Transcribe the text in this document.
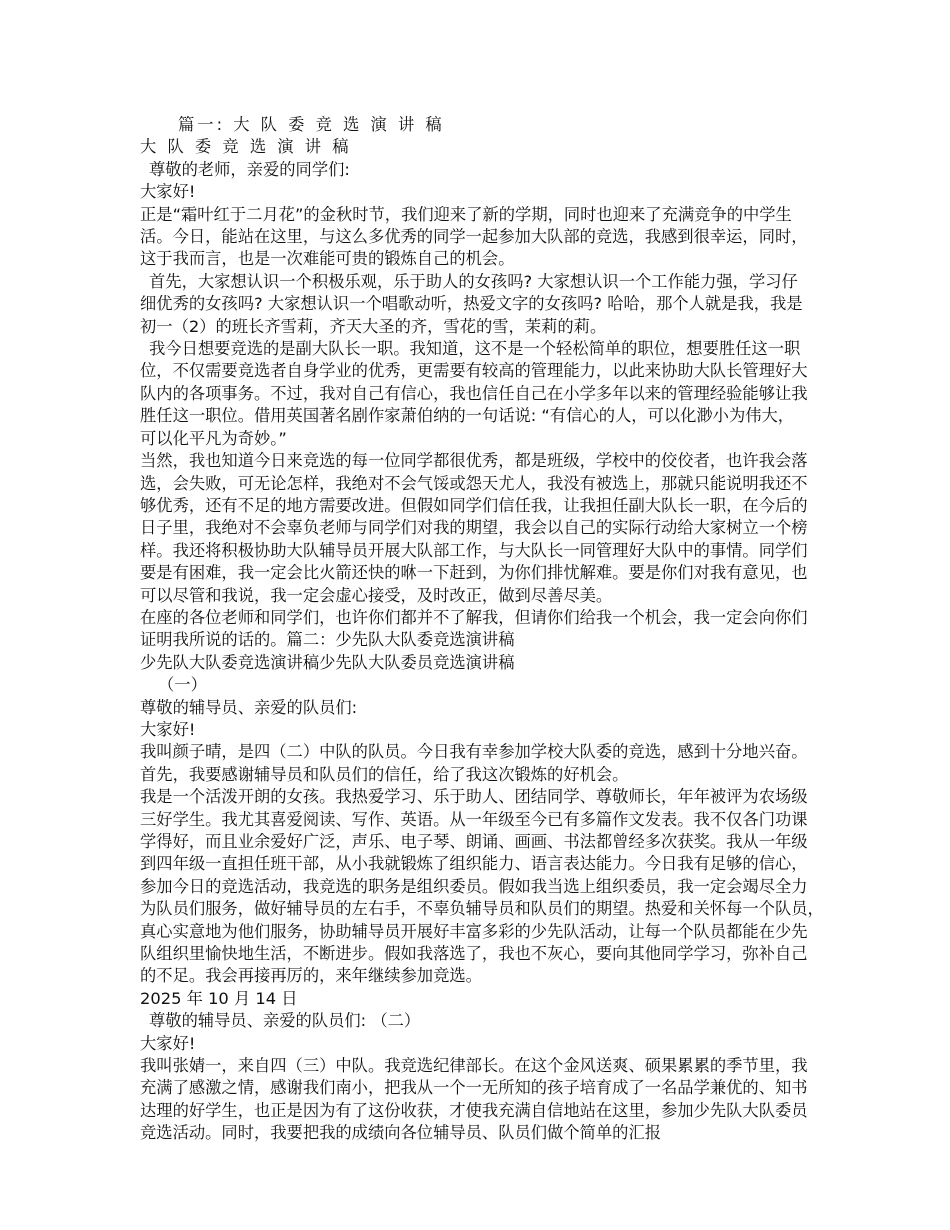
篇一: 大 队 委 竞 选 演 讲 稿
大 队 委 竞 选 演 讲 稿
尊敬的老师，亲爱的同学们:
大家好!
正是“霜叶红于二月花”的金秋时节，我们迎来了新的学期，同时也迎来了充满竞争的中学生
活。今日，能站在这里，与这么多优秀的同学一起参加大队部的竞选，我感到很幸运，同时，
这于我而言，也是一次难能可贵的锻炼自己的机会。
首先，大家想认识一个积极乐观，乐于助人的女孩吗? 大家想认识一个工作能力强，学习仔
细优秀的女孩吗? 大家想认识一个唱歌动听，热爱文字的女孩吗? 哈哈，那个人就是我，我是
初一（2）的班长齐雪莉，齐天大圣的齐，雪花的雪，茉莉的莉。
我今日想要竞选的是副大队长一职。我知道，这不是一个轻松简单的职位，想要胜任这一职
位，不仅需要竞选者自身学业的优秀，更需要有较高的管理能力，以此来协助大队长管理好大
队内的各项事务。不过，我对自己有信心，我也信任自己在小学多年以来的管理经验能够让我
胜任这一职位。借用英国著名剧作家萧伯纳的一句话说: “有信心的人，可以化渺小为伟大，
可以化平凡为奇妙。”
当然，我也知道今日来竞选的每一位同学都很优秀，都是班级，学校中的佼佼者，也许我会落
选，会失败，可无论怎样，我绝对不会气馁或怨天尤人，我没有被选上，那就只能说明我还不
够优秀，还有不足的地方需要改进。但假如同学们信任我，让我担任副大队长一职，在今后的
日子里，我绝对不会辜负老师与同学们对我的期望，我会以自己的实际行动给大家树立一个榜
样。我还将积极协助大队辅导员开展大队部工作，与大队长一同管理好大队中的事情。同学们
要是有困难，我一定会比火箭还快的咻一下赶到，为你们排忧解难。要是你们对我有意见，也
可以尽管和我说，我一定会虚心接受，及时改正，做到尽善尽美。
在座的各位老师和同学们，也许你们都并不了解我，但请你们给我一个机会，我一定会向你们
证明我所说的话的。篇二：少先队大队委竞选演讲稿
少先队大队委竞选演讲稿少先队大队委员竞选演讲稿
（一）
尊敬的辅导员、亲爱的队员们:
大家好!
我叫颜子晴，是四（二）中队的队员。今日我有幸参加学校大队委的竞选，感到十分地兴奋。
首先，我要感谢辅导员和队员们的信任，给了我这次锻炼的好机会。
我是一个活泼开朗的女孩。我热爱学习、乐于助人、团结同学、尊敬师长，年年被评为农场级
三好学生。我尤其喜爱阅读、写作、英语。从一年级至今已有多篇作文发表。我不仅各门功课
学得好，而且业余爱好广泛，声乐、电子琴、朗诵、画画、书法都曾经多次获奖。我从一年级
到四年级一直担任班干部，从小我就锻炼了组织能力、语言表达能力。今日我有足够的信心，
参加今日的竞选活动，我竞选的职务是组织委员。假如我当选上组织委员，我一定会竭尽全力
为队员们服务，做好辅导员的左右手，不辜负辅导员和队员们的期望。热爱和关怀每一个队员，
真心实意地为他们服务，协助辅导员开展好丰富多彩的少先队活动，让每一个队员都能在少先
队组织里愉快地生活，不断进步。假如我落选了，我也不灰心，要向其他同学学习，弥补自己
的不足。我会再接再厉的，来年继续参加竞选。
2025 年 10 月 14 日
尊敬的辅导员、亲爱的队员们: （二）
大家好!
我叫张婧一，来自四（三）中队。我竞选纪律部长。在这个金风送爽、硕果累累的季节里，我
充满了感激之情，感谢我们南小，把我从一个一无所知的孩子培育成了一名品学兼优的、知书
达理的好学生，也正是因为有了这份收获，才使我充满自信地站在这里，参加少先队大队委员
竞选活动。同时，我要把我的成绩向各位辅导员、队员们做个简单的汇报
